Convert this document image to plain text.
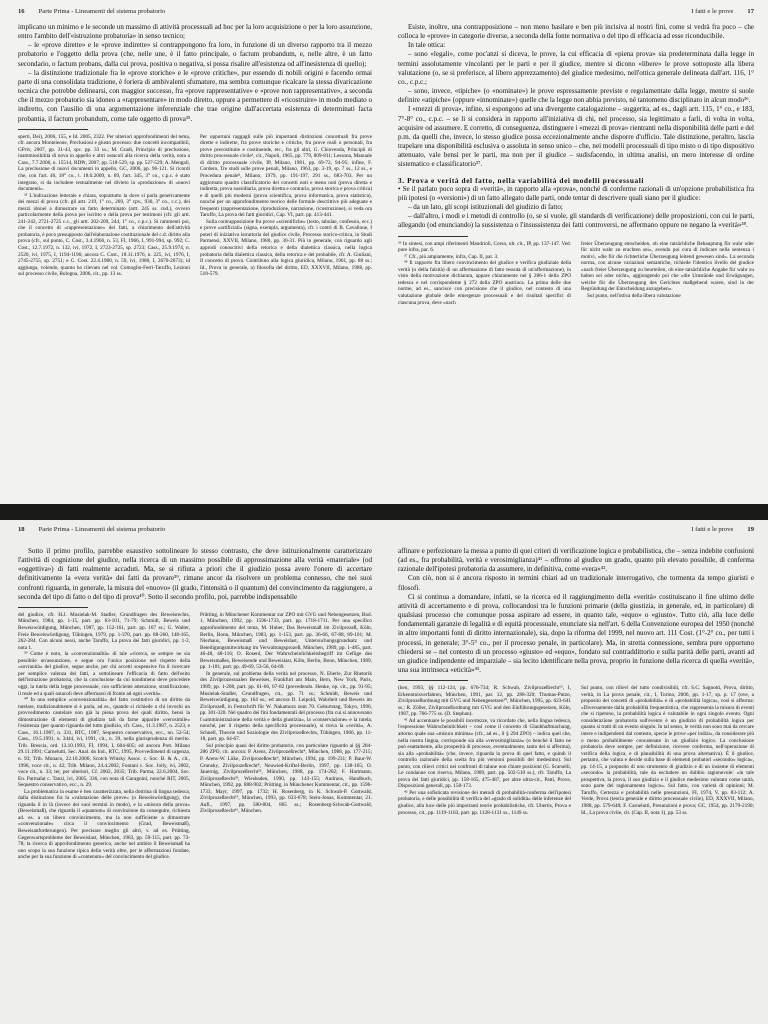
16 Parte Prima - Lineamenti del sistema probatorio

implicano un minimo e le seconde un massimo di attività processuali ad hoc per la loro acquisizione o per la loro assunzione, entro l'ambito dell'«istruzione probatoria» in senso tecnico;

– le «prove dirette» e le «prove indirette» si contrappongono fra loro, in funzione di un diverso rapporto tra il mezzo probatorio e l'oggetto della prova (che, nelle une, è il fatto principale, o factum probandum, e, nelle altre, è un fatto secondario, o factum probans, dalla cui prova, positiva o negativa, si possa risalire all'esistenza od all'inesistenza di quello);

– la distinzione tradizionale fra le «prove storiche» e le «prove critiche», pur essendo di nobili origini e facendo ormai parte di una consolidata tradizione, è foriera di ambivalenti sfumature, ma sembra comunque ricalcare la stessa divaricazione tecnica che potrebbe delinearsi, con maggior successo, fra «prove rappresentative» e «prove non rappresentative», a seconda che il mezzo probatorio sia idoneo a «rappresentare» in modo diretto, oppure a permettere di «ricostruire» in modo mediato o indiretto, con l'ausilio di una argomentazione inferenziale che trae origine dall'accertata esistenza di determinati facta probantia, il factum probandum, come tale oggetto di prova³⁵.

sperti, Dei), 2006, 155, e Id. 2005, 2322. Per ulteriori approfondimenti del tema, cfr. ancora Monteleone, Preclusioni e giusto processo: due concetti incompatibili, GPriv, 2007, pp. 31-43, spc. pp. 33 ss.; M. Gradi, Principio di preclusione, inammissibilità di nova in appello e altri ostacoli alla ricerca della verità, nota a Cass., 7.7.2006, n. 15514, RDPr, 2007, pp. 518-529, sp. pp. 527-529; A. Mengali, La preclusione di nuovi documenti in appello, GC, 2006, pp. 96-121. Si ricordi che, con l'art. 46, 18° co., l. 18.6.2009, n. 69, l'art. 345, 3° co., c.p.c. è stato integrato, si da includere testualmente nel divieto la «produzione» di «nuovi documenti».

³⁵ L'indicazione letterale e chiara, soprattutto la dove si parla genericamente dei mezzi di prova (cfr. gli artt. 219, 1° co., 269, 3° cpv., 930, 3° co., c.c.), dei mezzi idonei a dimostrare un fatto determinato (artt. 245 ss. cod.), ovvero particolarmente della prova per iscritto o della prova per testimoni (cfr. gli artt. 241-242, 2721-2725 c.c., gli artt. 202-209, 244, 1° co., c.p.c.). Si rammenti poi, che il concetto di «rappresentazione» dei fatti, a chiarimento dell'attività probatoria, è poco presupposto dall'elaborazione costituzionale del c.d. diritto alla prova (cfr., sul punto, C. Cost., 3.4.1966, n. 53, FI, 1966, I, 991-994, sp. 992; C. Cost., 12.7.1972, n. 132, ivi, 1972, I, 2723-2725, sp. 2723; Cass., 25.9.1974, n. 2520, ivi, 1975, I, 1194-1196; ancora C. Cost., 18.11.1976, n. 225, ivi, 1976, I, 2745-2755, sp. 2751; e C. Cost. 22.4.1980, n. 59, ivi, 1980, I, 2670-2673); id aggiunga, volendo, quanto ho rilevato nel vol. Comoglio-Ferri-Taruffo, Lezioni sul processo civile, Bologna, 2006, cit., pp. 13 ss.

Per opportuni raggagli sulle più importanti distinzioni concettuali fra prove dirette e indirette, fra prove storiche e critiche, fra prove reali o personali, fra prove precostituite e costituende, etc., fra gli altri, G. Chiovenda, Principii di diritto processuale civile³, cit., Napoli, 1965, pp. 779, 809-811; Lessona, Manuale di diritto processuale civile, IP, Milano, 1981, pp. 69-72, 94-95; infine, F. Cordero, Tre studi sulle prove penali, Milano, 1963, pp. 3-19, sp. 7 ss., 12 ss., e Procedura penale⁸, Milano, 1979, pp. 191-197, 291 ss., 683-703. Per un aggiornato quadro classificatorio dei concetti noti e meno noti (prova diretta e indiretta, prova sussidiaria, prova diretta e contraria, prova storica e prova critica) e di quelli più moderni (prova scientifica, prova informatica, prova statistica), nonché per un approfondimento teorico delle formule descrittive più adeguate e frequenti (rappresentazione, riproduzione, narrazione, ricostruzione), si veda ora Taruffo, La prova dei fatti giuridici, Cap. VI, part. pp. 413-441.

Sulla contrapposizione fra prove «scientifiche» (testo, tabulae, confessio, ecc.) e prove «artificiali» (signa, exempla, argumenta), cfr. i contri di B. Cavallone, I poteri di iniziativa istruttoria del giudice civile, Processo storico-critica, in Studi Parmensi, XXVII, Milano, 1980, pp. 30-31. Più in generale, con riguardo agli approdi conoscitivi della retorica e della dialettica classica, nella logica probatoria della dialettica classica, della retorica e del probabile, cfr. A. Giuliani, Il concetto di prova. Contributo alla logica giuridica, Milano, 1961, pp. 88 ss.; Id., Prova in generale, a) filosofia del diritto, ED, XXXVII, Milano, 1988, pp. 518-579.

I fatti e le prove 17

Esiste, inoltre, una contrapposizione – non meno basilare e ben più incisiva al nostri fini, come si vedrà fra poco – che colloca le «prove» in categorie diverse, a seconda della fonte normativa o del tipo di efficacia ad esse riconducibile.

In tale ottica:

– sono «legali», come poc'anzi si diceva, le prove, la cui efficacia di «piena prova» sia predeterminata dalla legge in termini assolutamente vincolanti per le parti e per il giudice, mentre si dicono «libere» le prove sottoposte alla libera valutazione (o, se si preferisce, al libero apprezzamento) del giudice medesimo, nell'ottica generale delineata dall'art. 116, 1° co., c.p.c.;

– sono, invece, «tipiche» (o «nominate») le prove espressamente previste e regolamentate dalla legge, mentre si suole definire «atipiche» (oppure «innominate») quelle che la legge non abbia previsto, né tantomeno disciplinato in alcun modo³⁶.

I «mezzi di prova», infine, si espongono ad una divergente catalogazione – suggerita, ad es., dagli artt. 115, 1° co., e 183, 7°-8° co., c.p.c. – se li si considera in rapporto all'iniziativa di chi, nel processo, sia legittimato a farli, di volta in volta, acquisire od assumere. E corretto, di conseguenza, distinguere i «mezzi di prova» rientranti nella disponibilità delle parti e del p.m. da quelli che, invece, lo stesso giudice possa eccezionalmente anche disporre d'ufficio. Tale distinzione, peraltro, lascia trapelare una disponibilità esclusiva o assoluta in senso unico – che, nei modelli processuali di tipo misto o di tipo dispositivo attenuato, vale bensì per le parti, ma non per il giudice – sudisfacendo, in ultima analisi, un mero interesse di ordine sistematico e classificatorio³⁷.

3. Prova e verità del fatto, nella variabilità dei modelli processuali

• Se il parlato poco sopra di «verità», in rapporto alla «prova», nonché di conferme razionali di un'opzione probabilistica fra più ipotesi (o «versioni») di un fatto allegato dalle parti, onde tentar di descrivere quali siano per il giudice:

– da un lato, gli scopi istituzionali del giudizio di fatto;

– dall'altro, i modi e i metodi di controllo (o, se si vuole, gli standards di verificazione) delle proposizioni, con cui le parti, allegando (od enunciando) la sussistenza o l'insussistenza dei fatti controversi, ne affermano oppure ne negano la «verità»³⁸.

³⁶ In sintesi, con ampi riferimenti Mandrioli, Corso, ult. cit., IP, pp. 137-147. Ved. pure infra, par. 6.

³⁷ Cfr., più ampiamente, infra, Cap. II, par. 3.

³⁸ Il rapporto fra libero convincimento del giudice e verifica giudiziale della verità (o della falsità) di un affermazione di fatto tessuta di un'affermazione), in visto della motivazione dichiarata, appare chiaramente nel § 286-1 della ZPO tedesca e nel corrispondente § 272 della ZPO austriaca. La prima delle due norme, ad es., sancisce con precisione che il giudice, nel contesto di una valutazione globale delle emergenze processuali e dei risultati specifici di ciascuna prova, deve «nach

freier Überzeugung entscheiden, ob eine tatsächliche Behauptung für wahr oder für nicht wahr zu erachten sei», avendo poi cura di indicare nella sentenza i motivi, «die für die richterliche Überzeugung leitend gewesen sind». La seconda norma, con alcune variazioni semantiche, richiede l'identico livello del giudice «nach freier Überzeugung zu beurteilen, ob eine tatsächliche Angabe für wahr zu halten sei oder nicht», aggiungendo poi che «die Umstände und Erwägungen, welche für die Überzeugung des Gerichtes maßgebend waren, sind in der Begründung der Entscheidung anzugeben».

Sul punto, nell'ottica della libera valutazione

18 Parte Prima - Lineamenti del sistema probatorio

Sotto il primo profilo, parrebbe esaustivo sottolineare lo stesso contrasto, che deve istituzionalmente caratterizzare l'attività di cognizione del giudice, nella ricerca di un massimo possibile di approssimazione alla verità «materiale» (od «oggettiva») di fatti realmente accaduti. Ma, se si rifiuta a priori che il giudizio possa avere l'onere di accertare definitivamente la «vera verità» dei fatti da provare³⁹, rimane ancor da risolvere un problema connesso, che nei suoi confronti riguarda, in generale, la misura del «nuovo» (il grado, l'intensità o il quantum) del convincimento da raggiungere, a seconda del tipo di fatto o del tipo di prova⁴⁰. Sotto il secondo profilo, poi, parrebbe indispensabile

del giudice, cfr. H.J. Musielak-M. Stadler, Grundfragen des Beweisrechts, München, 1984, pp. 1-15, part. pp. 63-101, 71-79; Schmidt, Beweis und Beweiswürdigung, München, 1987, pp. 152-161, part. pp. 167 ss.; G. Walter, Freie Beweiswürdigung, Tübingen, 1979, pp. 1-370, part. pp. 88-260, 148-165, 262-284. Con alcuni nessi, anche Taruffo, La prova dei fatti giuridici, pp. 1-2, nota 1.

³⁹ Come è noto, la «convenzionalità» di tale «ricerca, se sempre ne sia possibile un'assunzione, e segue ora l'unica posizione nel rispetto della «sovranità» del giudice, segue anche, per chi accetti sospensive fra il ricercare per semplice valenza dei fatti, a sottolineare l'efficacia di fatto dell'esito dell'istruzione probatoria, che la conclusione da cui nondimeno deve procedere oggi, la tutela della legge processuale, con sufficiente attenzione, stratificazione, il reale ed a quali ostacoli deve affermarsi di fronte ad ogni «verità».

⁴⁰ In una semplice «convenzionalità» del fatto costitutivo di un diritto da tutelare, tradizionalmente si è parla, ad es., quando si richiede a chi invochi un provvedimento cautelare non già la piena prova dei quali diritto, bensì la dimostrazione di elementi di giudizio tali da farne apparire «verosimile» l'esistenza (per quanto riguarda del tutto giudizio, cfr. Cass., 11.3.1987, n. 2523, e Cass., 16.1.1987, n. 331, RTC, 1987, Sequestro conservativo, ecc., nn. 52-54; Cass., 19.5.1991, n. 3444, ivi, 1991, cit., n. 39, nella giurisprudenza di merito. Trib. Brescia, ord. 13.10.1993, FI, 1994, I, 604-605; ed ancora Pret. Milano 29.11.1991; Carnelutti, Sec. Anal. do Ind., RTC, 1995, Provvedimenti di urgenza, n. 93; Trib. Monaco, 22.10.2006; Scotch Whisky Assoc. c. Soc. B. & A., cit., 1996, voce cit., n. 42; Trib. Milano, 24.4.2002, Fontani c. Soc. Jolly, ivi, 2002, voce cit., n. 33; ter, per ulteriori, Cf. 2002, 2035; Trib. Parma, 22.6.2004, Soc. En. Parmalat c. Tanzi, ivi, 2005, 336, con nota di Garagnini, nonché RIT, 2005, Sequestro conservativo, ecc., n. 29.

La problematica in esame è ben caratterizzata, nella dottrina di lingua tedesca, dalla distinzione fra la «valutazione delle prove» (o Beweiswürdigung), che riguarda il in là (invece dei suoi termini in modo), e la «misura della prova» (Beweismaß), che riguarda il «quantum» di convinzione da conseguire, richiesta ad. es. a un libero convincimento, ma la non sufficiente a dimostrare «convenzionale» circa il convincimento (Grad, Beweismaß), Beweisanforderungen). Per precisare meglio gli altri, v. ad es. Prütting, Gegenwartsprobleme der Beweislast, München, 1983, pp. 59-115, part. pp. 73-78; la ricerca di approfondimento generico, anche nel ambito il Beweismaß ha uno scopo la sua funzione tipica della verità oltre, per le affermazioni fondate, anche per la sua funzione di «contenuto» del convincimento del giudice.

Prütting, in Münchener Kommentar zur ZPO mit GVG und Nebengesetzen, Bnd. 1, München, 1992, pp. 1596-1733, part. pp. 1718-1711. Per una specifico approfondimento del tema, M. Huber, Das Beweismaß im Zivilprozeß, Köln, Berlin, Bonn, München, 1983, pp. 1-153, part. pp. 36-66, 67-88, 89-101; M. Nierhaus, Beweismaß und Beweislast, Untersuchungsgrundsatz und Beteiligungsmitwirkung im Verwaltungsprozeß, München, 1989, pp. 1-485, part. 46-48, 48-116; O. Rosenl, Der Wahrscheinlichkeitsbegriff im Gefüge des Beweismaßes, Beweisende und Beweislast, Köln, Berlin, Bonn, München, 1989, pp. 1-181, part. pp. 49-69, 53-56, 64-69.

In generale, sul problema della verità nel processo, N. Eberle, Zur Rhetorik des Zivilprozessualen Beweises, Frankfurt am Main, Bern, New York, Paris, 1989, pp. 1-208, part. pp. 61-66, 67-82 (prevedendo. Henke, op. cit., pp. 91-95; Musielak-Stadler, Grundfragen, cit., pp. 71 ss.; Schmidt, Beweis und Beweiswürdigung, pp. 164 ss.; ed ancora D. Leipold, Wahrheit und Beweis im Zivilprozeß, in Festschrift für W. Nakamura zum 70. Geburtstag, Tokyo, 1996, pp. 301-320. Nel quadro dei fini fondamentali del processo (fra cui si annoverano l'«amministrazione della verità e della giustizia», la «conservazione» e la tutela, nonché, per il rispetto della specificità processuale), si trova la «verità», A. Schnell, Theorie und Soziologie des Zivilprozeßrechts, Tübingen, 1966, pp. 11-18, part. pp. 64-67.

Sul principio quasi del diritto probatorio, con particolare riguardo ai §§ 284-286 ZPO, cit. ancora: P. Arens, Zivilprozeßrecht⁴, München, 1988, pp. 177-215; P. Arens-W. Lüke, Zivilprozeßrecht⁶, München, 1994, pp. 199-231; P. Baur-W. Grunsky, Zivilprozeßrecht⁸, Neuwied-Kriftel-Berlin, 1997, pp. 138-165; O. Jauernig, Zivilprozeßrecht²², München, 1988, pp. 174-202; F. Hartmann, Zivilprozeßrecht²³, Wiesbaden, 1990, pp. 143-155; Audruos, Handbuch, München, 1992, pp. 888-902; Prütting, in Münchener Kommentar, cit., pp. 1596-1733, Mayr, 1997, pp. 1732; H. Rosenberg, in K. Schwab-P. Gottwald, Zivilprozeßrecht¹⁵, München, 1993, pp. 633-678; Stein-Jonas, Kommentar, 21. Aufl., 1997, pp. 580-804, 805 ss.; Rosenberg-Schwab-Gottwald, Zivilprozeßrecht¹⁶, München.

I fatti e le prove 19

affinare e perfezionare la messa a punto di quei criteri di verificazione logica e probabilistica, che – senza indebite confusioni (ad es., fra probabilità, verità e verosimiglianza)⁴¹ – offrono al giudice un grado, quanto più elevato possibile, di conferma razionale dell'ipotesi probatoria da assumere, in definitiva, come «vera»⁴².

Con ciò, non si è ancora risposto in termini chiari ad un tradizionale interrogativo, che tormenta da tempo giuristi e filosofi.

Ci si continua a domandare, infatti, se la ricerca ed il raggiungimento della «verità» costituiscano il fine ultimo delle attività di accertamento e di prova, collocandosi tra le funzioni primarie (della giustizia, in generale, ed, in particolare) di qualsiasi processo che comunque possa aspirare ad essere, in quanto tale, «equo» o «giusto». Tutto ciò, alla luce delle fondamentali garanzie di legalità e di equità processuale, enunciate sia nell'art. 6 della Convenzione europea del 1950 (nonché in altre importanti fonti di diritto internazionale), sia, dopo la riforma del 1999, nel nuovo art. 111 Cost. (1°-2° co., per tutti i processi, in generale; 3°-5° co., per il processo penale, in particolare). Ma, in stretta connessione, sembra pure opportuno chiedersi se – nel contesto di un processo «giusto» ed «equo», fondato sul contraddittorio e sulla parità delle parti, avanti ad un giudice indipendente ed imparziale – sia lecito identificare nella prova, proprio in funzione della ricerca di quella «verità», una sua intrinseca «eticità»⁴³.

(hen, 1993, §§ 112-124, pp. 676-734; R. Schwab, Zivilprozeßrecht¹⁵, I, Erkenntnisverfahren, München, 1991, par. 12, pp. 288-320; Thomas-Putzo, Zivilprozeßordnung mit GVG und Nebengesetzen²⁰, München, 1995, pp. 623-641 ss.; R. Zöller, Zivilprozeßordnung mit GVG und den Einführungsgesetzen, Köln, 1987, pp. 766-775 ss. (D. Stephan).

⁴¹ Ad accentuare le possibili incertezze, va ricordato che, nella lingua tedesca, l'espressione Wahrscheinlichkeit – così come il concetto di Glaubhaftmachung, attorno quale sua «misura minima» (cfr., ad es., il § 294 ZPO) – indica quel che, nella nostra lingua, corrisponde sia alla «verosimiglianza» (o benché il fatto ne può esattamente, alla prosperità di processo, eventualmente, tanto dei si afferma), sia alla «probabilità» (che, invece, riguarda la prova di quel fatto, e quindi il controllo razionale della scelta fra più versioni possibili del medesimo). Sul punto, con rilievi critici nei confronti di talune non chiare posizioni (G. Scarselli, Le condanne con riserva, Milano, 1989, part. pp. 502-510 ss.), cfr. Taruffo, La prova dei fatti giuridici, pp. 158-165, 475-487, per altre ultra-cit., Patti, Prove, Disposizioni generali, pp. 158-173.

⁴² Per una sofisticata revisione dei metodi di probabilità-conferma dell'ipotesi probatoria, e delle possibilità di verifica del «grado di solidità» delle inferenze del giudice, alla luce delle più importanti teorie probabilistiche, cfr. Ubertis, Prova e processo, cit., pp. 1119-1163, part. pp. 1128-1131 ss., 1149 ss.

Sul punto, con rilievi del tutto condivisibili, cfr. S.C. Sagnotti, Prova, diritto, verità, in La prova penale, cit., I, Torino, 2006, pp. 1-17, sp. p. 17 (ove, a proposito dei concetti di «probabilità» e di «probabilità logica», così si afferma: «Diversamente dalla probabilità frequentistica, che rappresenta la misura di eventi che si ripetono, la probabilità logica è valutabile in ogni singolo evento. Ogni considerazione probatoria sull'evento è un giudizio di probabilità logica per quanto si tratti di un evento singolo. In tal senso, le verità non sono mai da cercare intere e indipendenti dal contesto, specie le prove «per indizi», da considerare più o meno probabilmente concatenate in un giudizio logico. La conclusione probatoria deve sempre, per definizione, ricevere conferma, nell'operazione di verifica della logica, e di plausibilità di una prova alternativa). È il giudice, pertanto, che valuta e decide sulla base di elementi probatori «secondo» logica», pp. 14-15, a proposito di uno strumento di giudizio e di un insieme di elementi «secondo» la probabilità, tale da escludere un dubbio ragionevole: «in tale prospettiva, la prova, il suo giudizio e il giudice medesimo valutato come unità, sono parte del ragionamento logico». Sul fatto, con varietà di opinioni; M. Taruffo, Certezza e probabilità nelle presunzioni, FI, 1974, V, pp. 83-112; A. Verde, Prova (teoria generale e diritto processuale civile), ED, XXXVII, Milano, 1988, pp. 579-648; F. Carnelutti, Presunzioni e prova; GC, 1954, pp. 2179-2190; Id., La prova civile, cit. (Cap. II, nota 1), pp. 53 ss.
